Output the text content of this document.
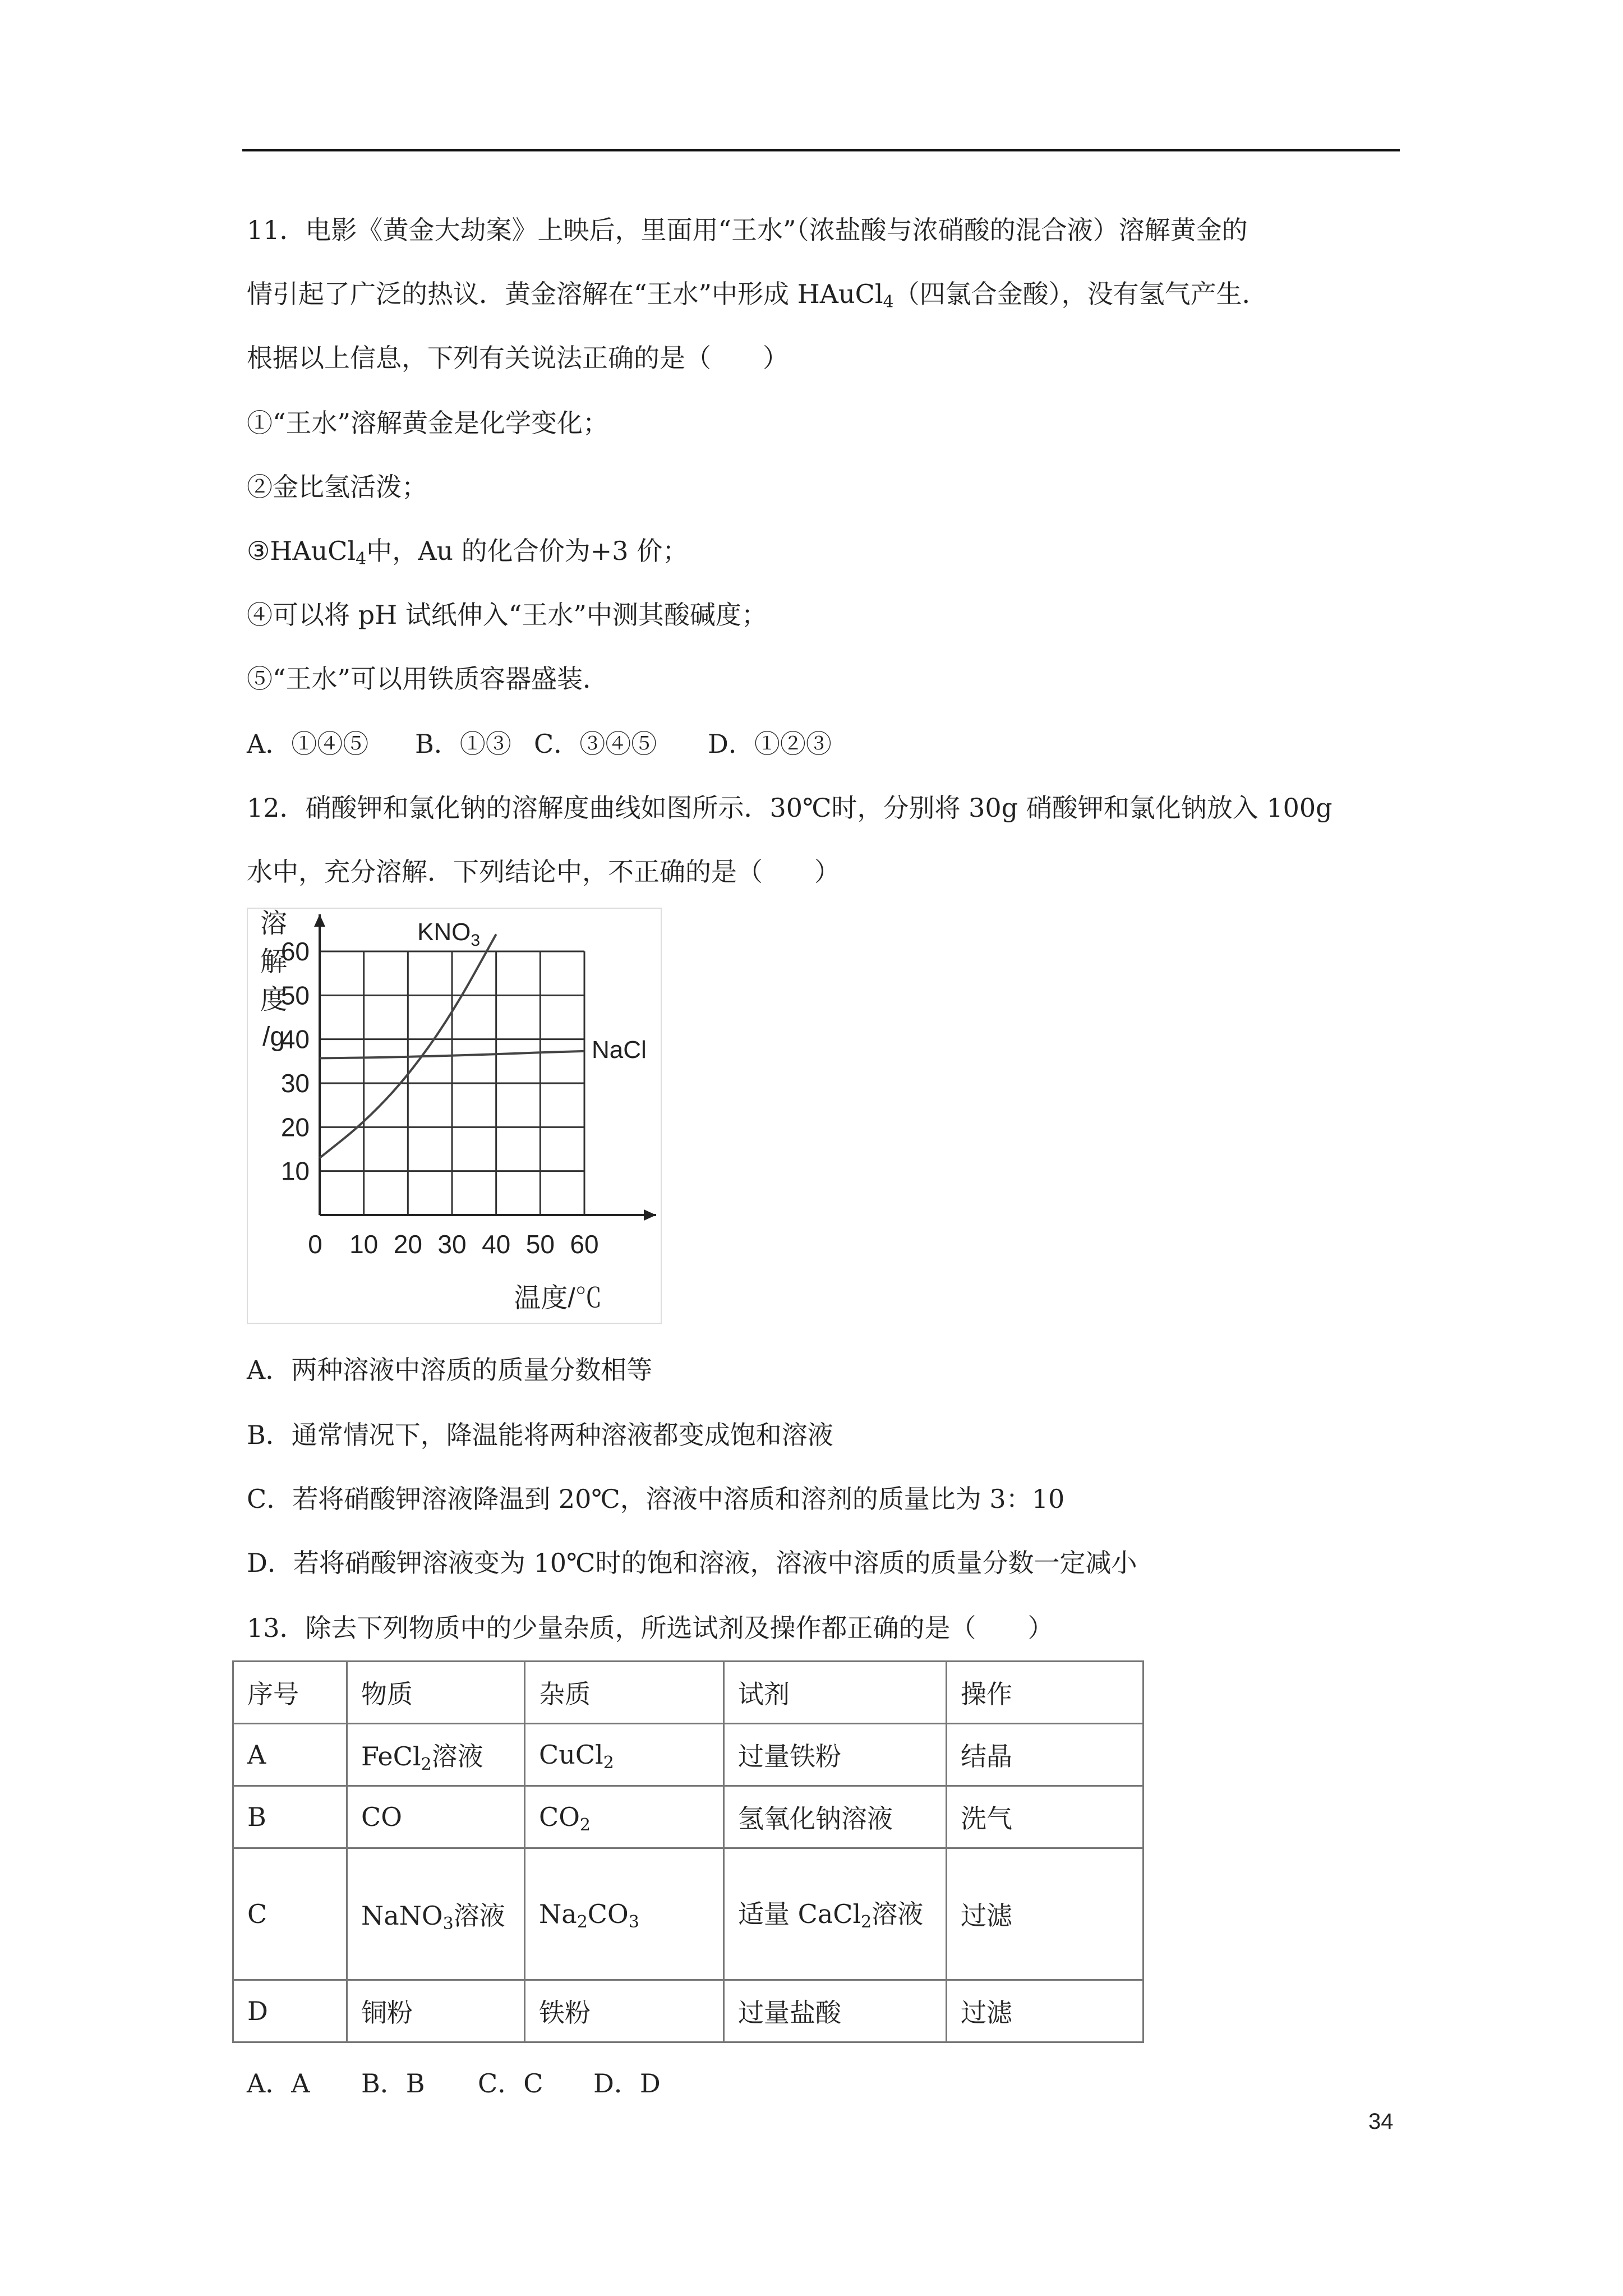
11．电影《黄金大劫案》上映后，里面用“王水”（浓盐酸与浓硝酸的混合液）溶解黄金的
情引起了广泛的热议．黄金溶解在“王水”中形成 HAuCl$_4$（四氯合金酸），没有氢气产生．
根据以上信息，下列有关说法正确的是（　　）
①“王水”溶解黄金是化学变化；
②金比氢活泼；
③HAuCl$_4$中，Au 的化合价为+3 价；
④可以将 pH 试纸伸入“王水”中测其酸碱度；
⑤“王水”可以用铁质容器盛装．
A．①④⑤ B．①③ C．③④⑤ D．①②③
12．硝酸钾和氯化钠的溶解度曲线如图所示．30℃时，分别将 30g 硝酸钾和氯化钠放入 100g
水中，充分溶解．下列结论中，不正确的是（　　）
0 10 20 30 40 50 60
10
20
30
40
50
60
溶
解
度
/g
温度/℃
$KNO_3$
NaCl
A．两种溶液中溶质的质量分数相等
B．通常情况下，降温能将两种溶液都变成饱和溶液
C．若将硝酸钾溶液降温到 20℃，溶液中溶质和溶剂的质量比为 3：10
D．若将硝酸钾溶液变为 10℃时的饱和溶液，溶液中溶质的质量分数一定减小
13．除去下列物质中的少量杂质，所选试剂及操作都正确的是（　　）
序号	物质	杂质	试剂	操作
A	FeCl$_2$溶液	CuCl$_2$	过量铁粉	结晶
B	CO	$CO_2$	氢氧化钠溶液	洗气
C	NaNO$_3$溶液	$Na_2CO_3$	适量 CaCl$_2$溶液	过滤
D	铜粉	铁粉	过量盐酸	过滤
A．A B．B C．C D．D
34
